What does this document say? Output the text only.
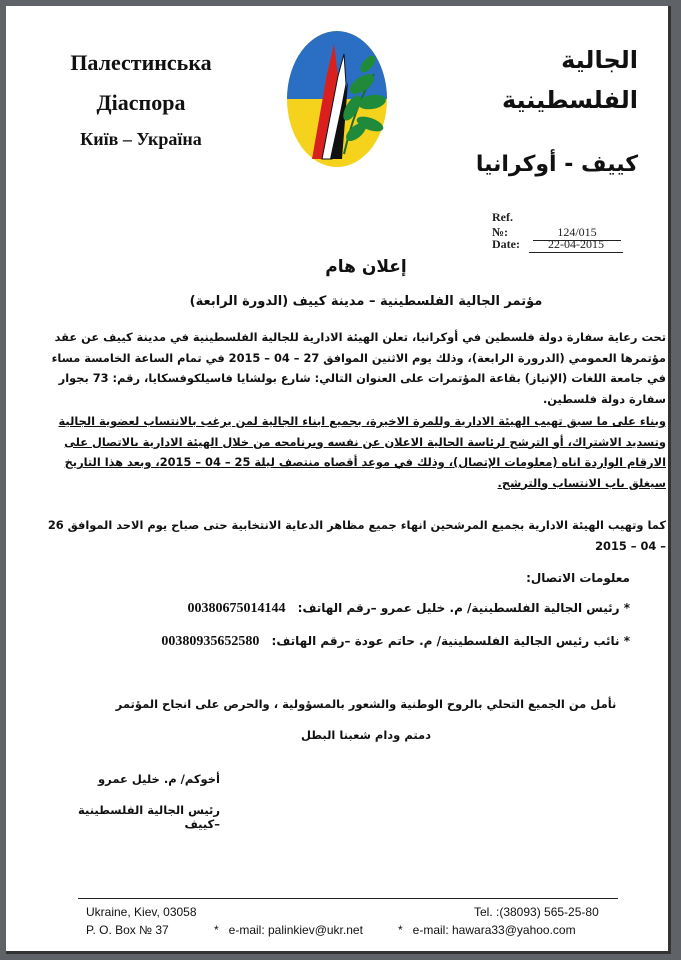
Палестинська
Діаспора
Київ – Україна
الجالية الفلسطينية
كييف - أوكرانيا
Ref. №:	124/015
Date: 22-04-2015
إعلان هام
مؤتمر الجالية الفلسطينية – مدينة كييف (الدورة الرابعة)
تحت رعاية سفارة دولة فلسطين في أوكرانيا، تعلن الهيئة الادارية للجالية الفلسطينية في مدينة كييف عن عقد مؤتمرها العمومي (الدرورة الرابعة)، وذلك يوم الاثنين الموافق 27 – 04 – 2015 في تمام الساعة الخامسة مساء في جامعة اللغات (الإنياز) بقاعة المؤتمرات على العنوان التالي: شارع بولشايا فاسيلكوفسكايا، رقم: 73 بجوار سفارة دولة فلسطين.
وبناء على ما سبق تهيب الهيئة الادارية وللمرة الاخيرة، بجميع ابناء الجالية لمن يرغب بالانتساب لعضوية الجالية وتسديد الاشتراك، أو الترشح لرئاسة الجالية الاعلان عن نفسه وبرنامجه من خلال الهيئة الادارية بالاتصال على الارقام الواردة اناه (معلومات الإتصال)، وذلك في موعد أقصاه منتصف ليلة 25 – 04 – 2015، وبعد هذا التاريخ سيغلق باب الانتساب والترشح.
كما وتهيب الهيئة الادارية بجميع المرشحين انهاء جميع مظاهر الدعاية الانتخابية حتى صباح يوم الاحد الموافق 26 – 04 – 2015
معلومات الاتصال:
* رئيس الجالية الفلسطينية/ م. خليل عمرو –رقم الهاتف: 00380675014144
* نائب رئيس الجالية الفلسطينية/ م. حاتم عودة –رقم الهاتف: 00380935652580
نأمل من الجميع التحلي بالروح الوطنية والشعور بالمسؤولية ، والحرص على انجاح المؤتمر
دمتم ودام شعبنا البطل
أخوكم/ م. خليل عمرو
رئيس الجالية الفلسطينية –كييف
Ukraine, Kiev, 03058
P. O. Box № 37
Tel. :(38093) 565-25-80
* e-mail: palinkiev@ukr.net	* e-mail: hawara33@yahoo.com
